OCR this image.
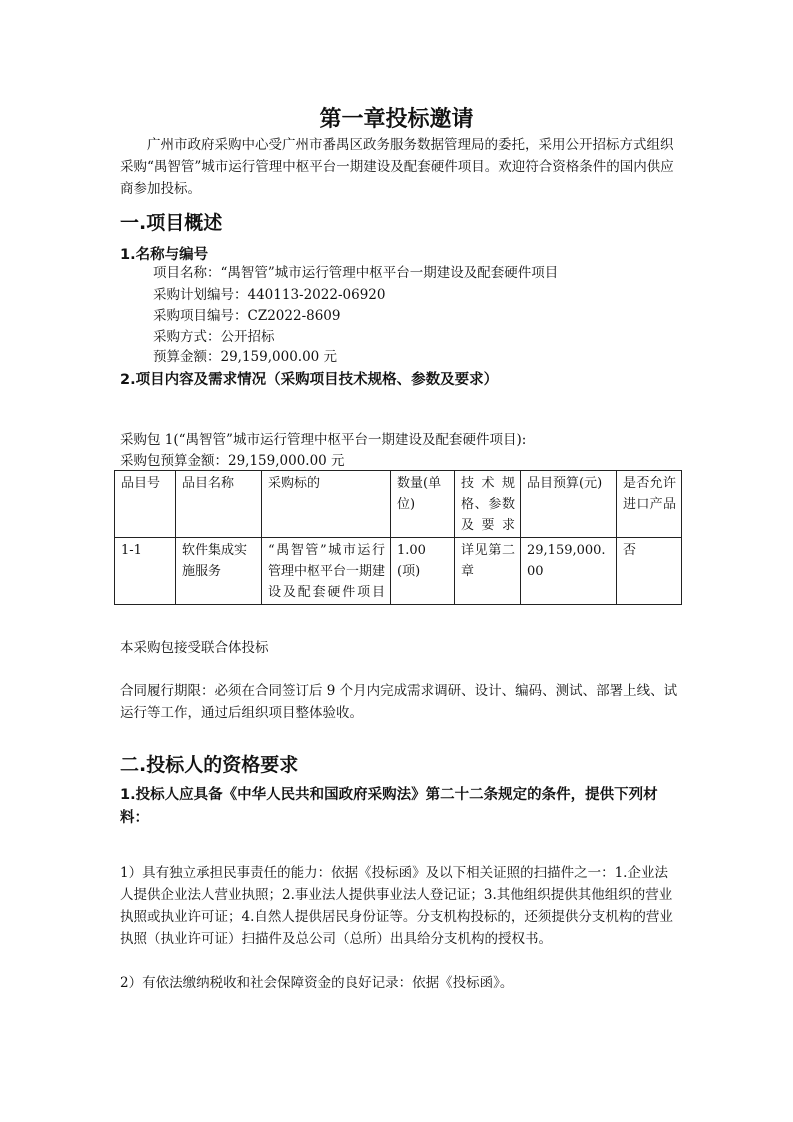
第一章投标邀请
广州市政府采购中心受广州市番禺区政务服务数据管理局的委托，采用公开招标方式组织采购“禺智管”城市运行管理中枢平台一期建设及配套硬件项目。欢迎符合资格条件的国内供应商参加投标。
一.项目概述
1.名称与编号
项目名称：“禺智管”城市运行管理中枢平台一期建设及配套硬件项目
采购计划编号：440113-2022-06920
采购项目编号：CZ2022-8609
采购方式：公开招标
预算金额：29,159,000.00 元
2.项目内容及需求情况（采购项目技术规格、参数及要求）
采购包 1(“禺智管”城市运行管理中枢平台一期建设及配套硬件项目):
采购包预算金额：29,159,000.00 元
品目号	品目名称	采购标的	数量(单位)	技术规格、参数及要求	品目预算(元)	是否允许进口产品
1-1	软件集成实施服务	“禺智管”城市运行管理中枢平台一期建设及配套硬件项目	1.00(项)	详见第二章	29,159,000.00	否
本采购包接受联合体投标
合同履行期限：必须在合同签订后 9 个月内完成需求调研、设计、编码、测试、部署上线、试运行等工作，通过后组织项目整体验收。
二.投标人的资格要求
1.投标人应具备《中华人民共和国政府采购法》第二十二条规定的条件，提供下列材料：
1）具有独立承担民事责任的能力：依据《投标函》及以下相关证照的扫描件之一：1.企业法人提供企业法人营业执照；2.事业法人提供事业法人登记证；3.其他组织提供其他组织的营业执照或执业许可证；4.自然人提供居民身份证等。分支机构投标的，还须提供分支机构的营业执照（执业许可证）扫描件及总公司（总所）出具给分支机构的授权书。
2）有依法缴纳税收和社会保障资金的良好记录：依据《投标函》。
